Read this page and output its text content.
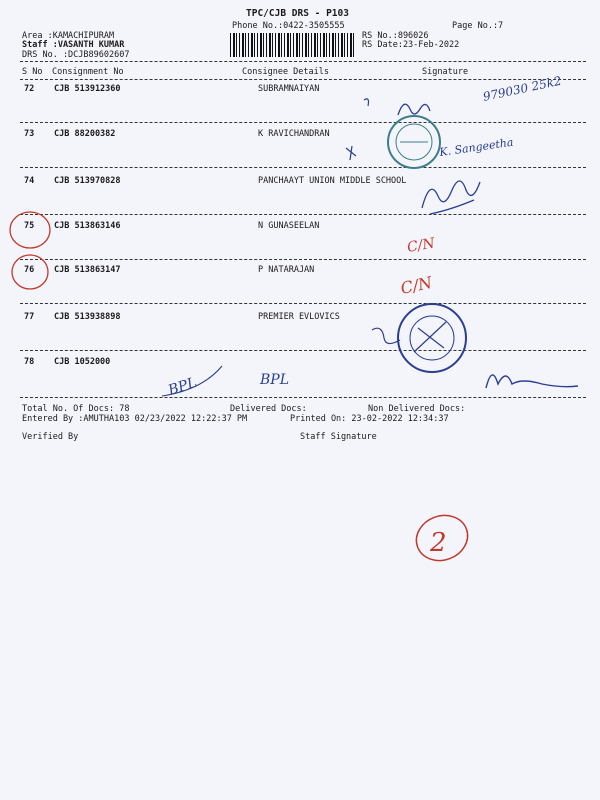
TPC/CJB DRS - P103
Phone No.:0422-3505555	Page No.:7
Area :KAMACHIPURAM
Staff :VASANTH KUMAR
DRS No. :DCJB89602607
RS No.:896026
RS Date:23-Feb-2022
S No Consignment No	Consignee Details	Signature
72 CJB 513912360	SUBRAMNAIYAN
73 CJB 88200382	K RAVICHANDRAN
74 CJB 513970828	PANCHAAYT UNION MIDDLE SCHOOL
75 CJB 513863146	N GUNASEELAN
76 CJB 513863147	P NATARAJAN
77 CJB 513938898	PREMIER EVLOVICS
78 CJB 1052000
Total No. Of Docs: 78	Delivered Docs:	Non Delivered Docs:
Entered By :AMUTHA103 02/23/2022 12:22:37 PM	Printed On: 23-02-2022 12:34:37
Verified By	Staff Signature
979030 25k2
K. Sangeetha
C/N
C/N
BPL	BPL
2
